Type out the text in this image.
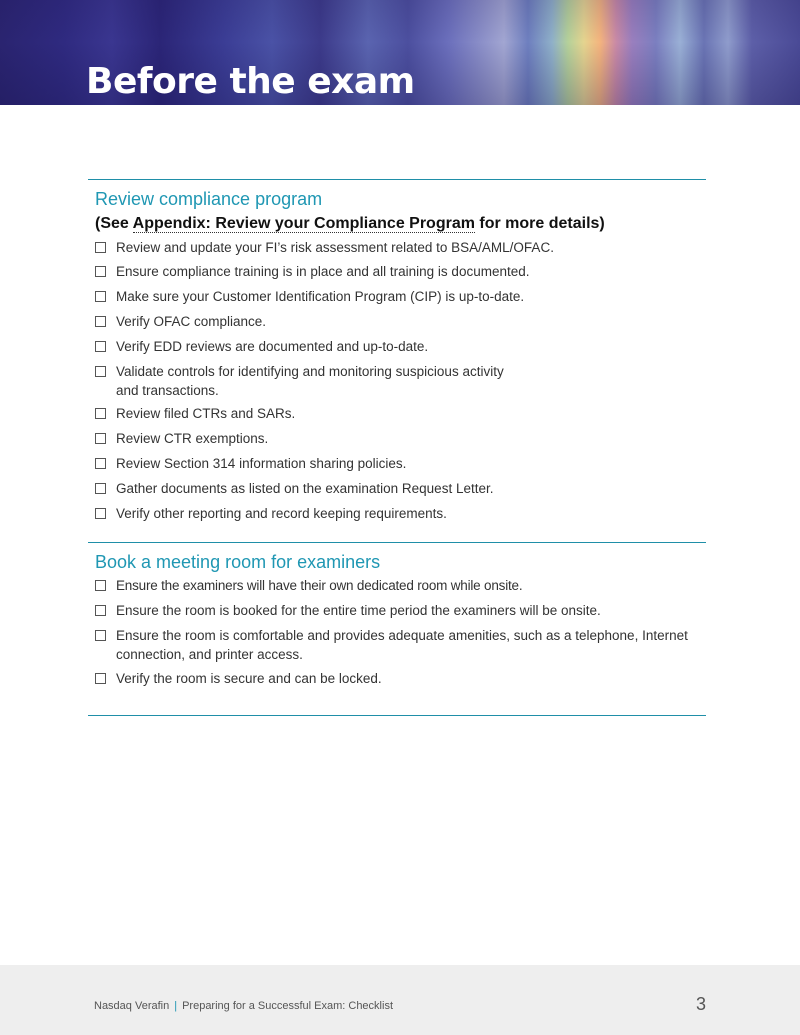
Before the exam
Review compliance program

(See Appendix: Review your Compliance Program for more details)

Review and update your FI’s risk assessment related to BSA/AML/OFAC.
Ensure compliance training is in place and all training is documented.
Make sure your Customer Identification Program (CIP) is up-to-date.
Verify OFAC compliance.
Verify EDD reviews are documented and up-to-date.
Validate controls for identifying and monitoring suspicious activity
and transactions.
Review filed CTRs and SARs.
Review CTR exemptions.
Review Section 314 information sharing policies.
Gather documents as listed on the examination Request Letter.
Verify other reporting and record keeping requirements.
Book a meeting room for examiners
Ensure the examiners will have their own dedicated room while onsite.
Ensure the room is booked for the entire time period the examiners will be onsite.
Ensure the room is comfortable and provides adequate amenities, such as a telephone, Internet connection, and printer access.
Verify the room is secure and can be locked.
Nasdaq Verafin | Preparing for a Successful Exam: Checklist	3
